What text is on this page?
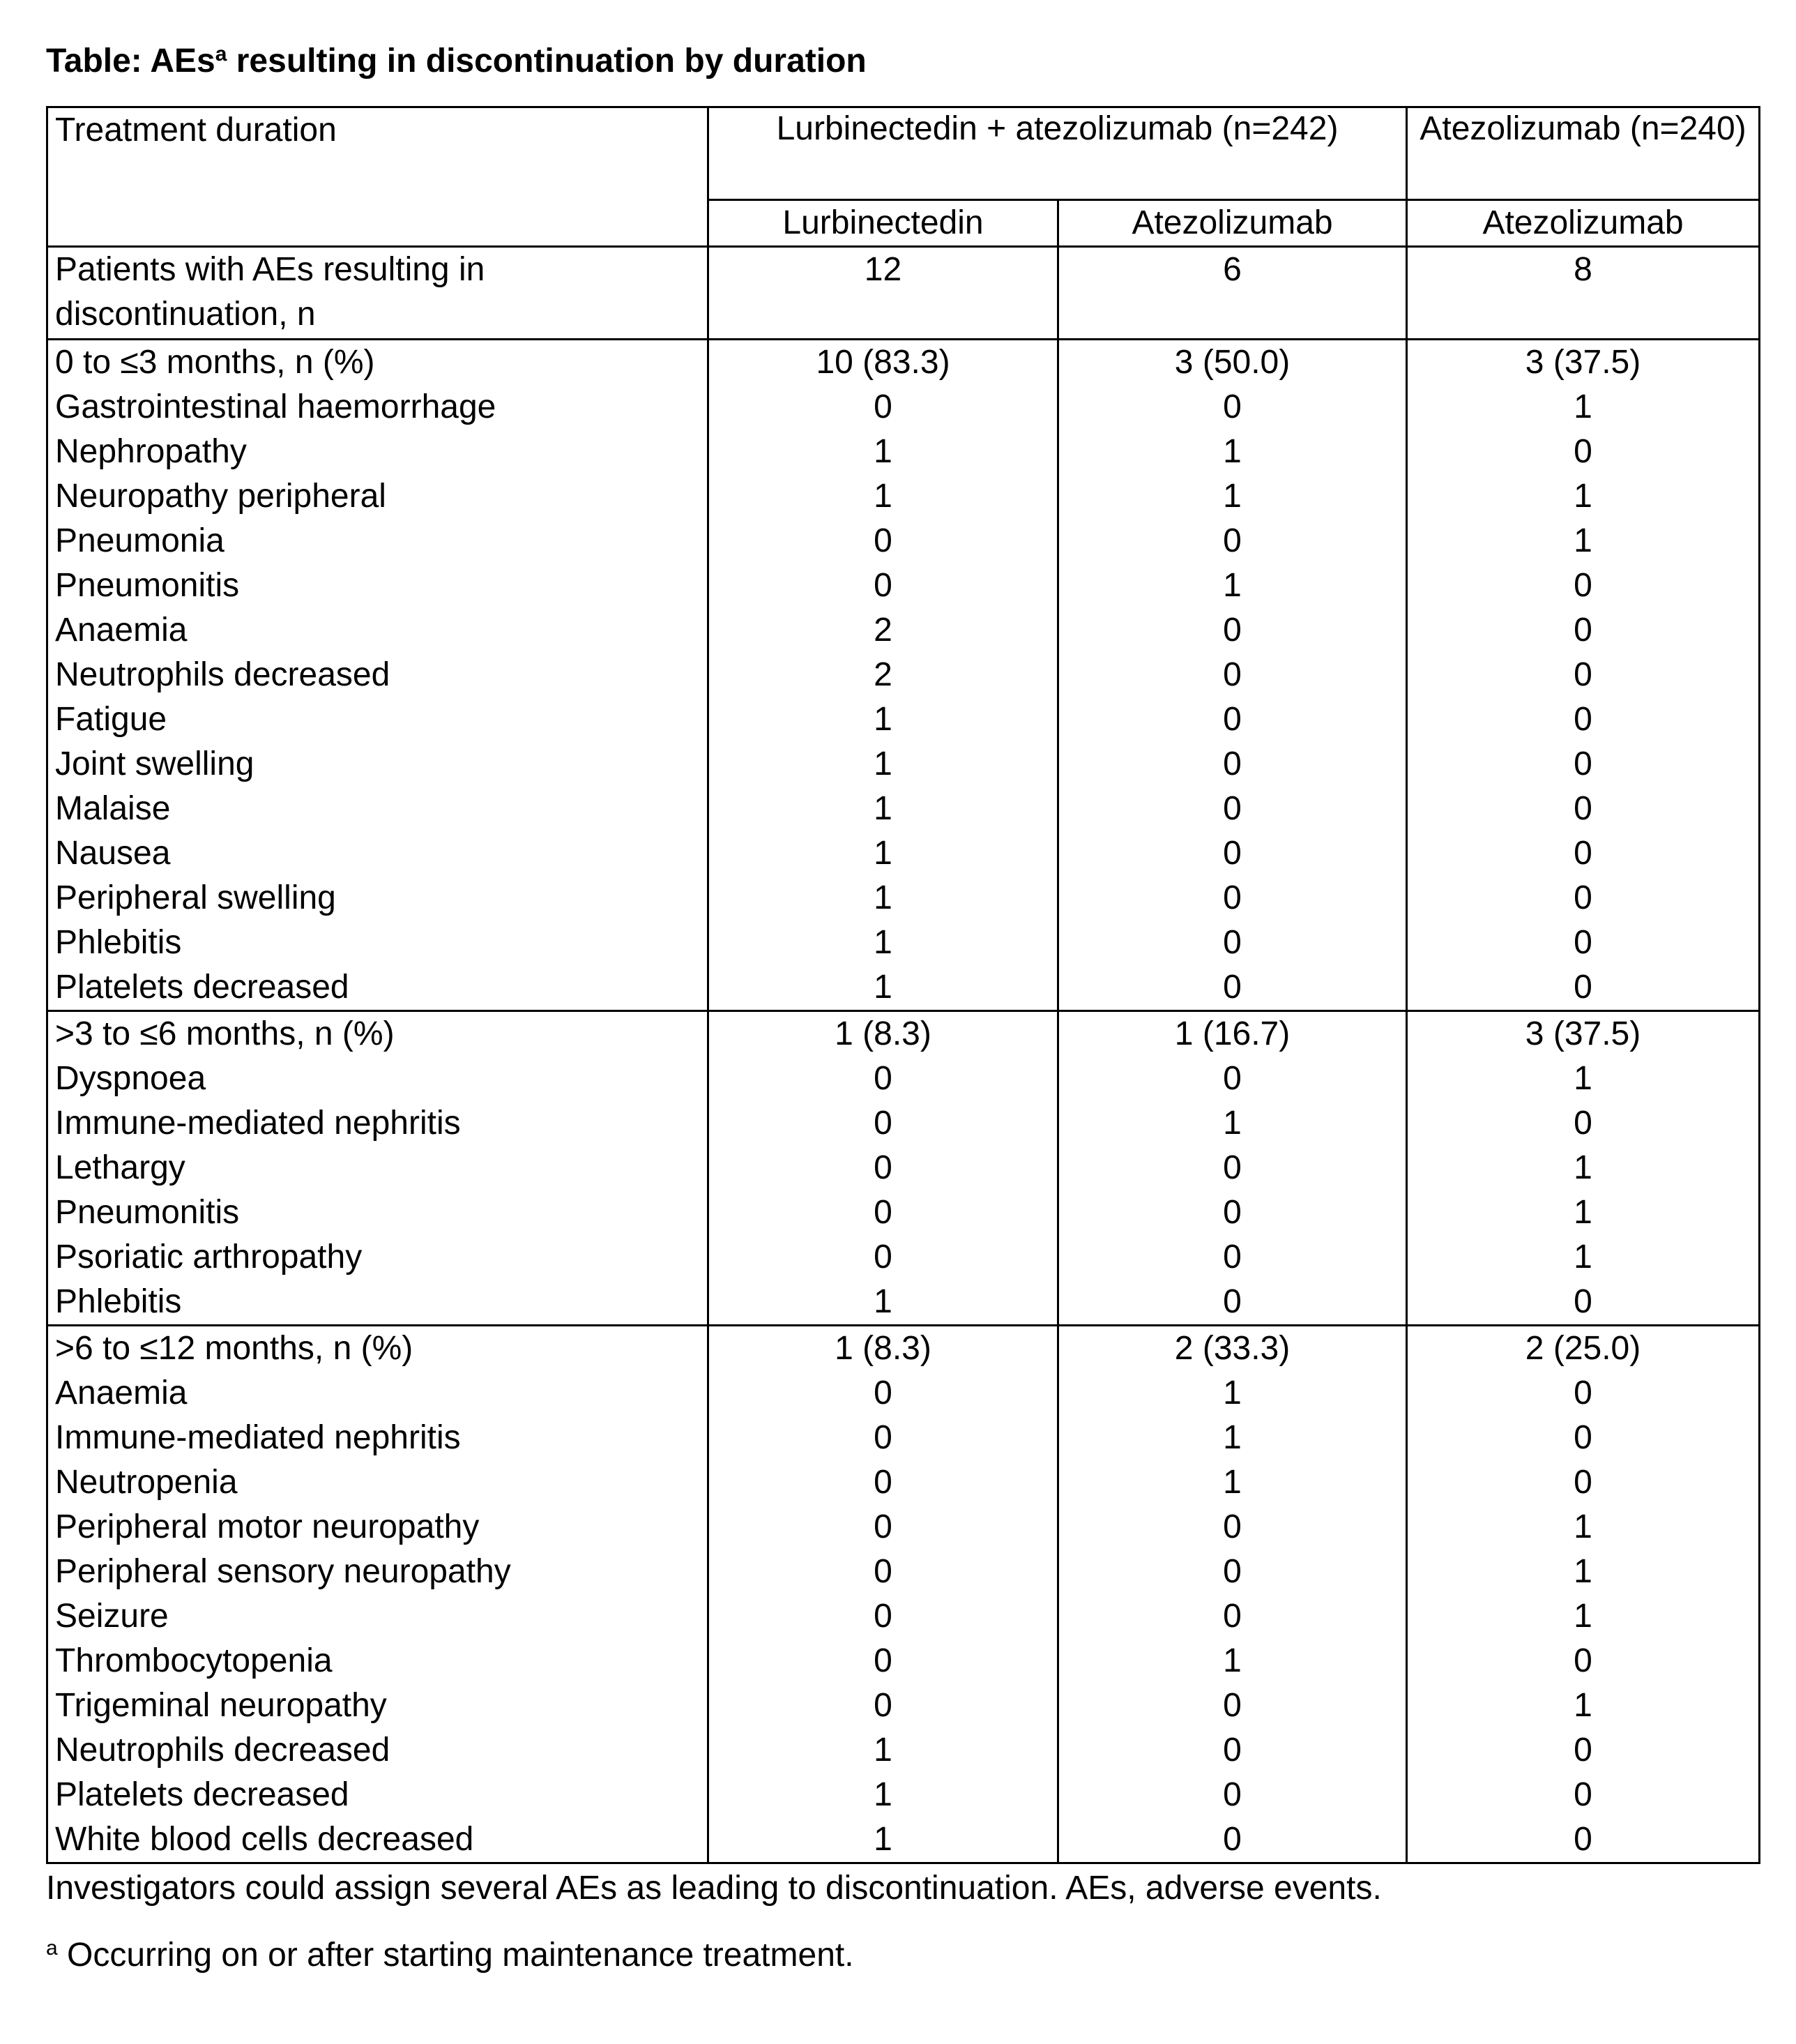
Table: AEs$^a$ resulting in discontinuation by duration
Treatment duration	Lurbinectedin + atezolizumab (n=242)		Atezolizumab (n=240)
	Lurbinectedin	Atezolizumab	Atezolizumab
Patients with AEs resulting in discontinuation, n	12	6	8
0 to ≤3 months, n (%)	10 (83.3)	3 (50.0)	3 (37.5)
Gastrointestinal haemorrhage	0	0	1
Nephropathy	1	1	0
Neuropathy peripheral	1	1	1
Pneumonia	0	0	1
Pneumonitis	0	1	0
Anaemia	2	0	0
Neutrophils decreased	2	0	0
Fatigue	1	0	0
Joint swelling	1	0	0
Malaise	1	0	0
Nausea	1	0	0
Peripheral swelling	1	0	0
Phlebitis	1	0	0
Platelets decreased	1	0	0
>3 to ≤6 months, n (%)	1 (8.3)	1 (16.7)	3 (37.5)
Dyspnoea	0	0	1
Immune-mediated nephritis	0	1	0
Lethargy	0	0	1
Pneumonitis	0	0	1
Psoriatic arthropathy	0	0	1
Phlebitis	1	0	0
>6 to ≤12 months, n (%)	1 (8.3)	2 (33.3)	2 (25.0)
Anaemia	0	1	0
Immune-mediated nephritis	0	1	0
Neutropenia	0	1	0
Peripheral motor neuropathy	0	0	1
Peripheral sensory neuropathy	0	0	1
Seizure	0	0	1
Thrombocytopenia	0	1	0
Trigeminal neuropathy	0	0	1
Neutrophils decreased	1	0	0
Platelets decreased	1	0	0
White blood cells decreased	1	0	0
Investigators could assign several AEs as leading to discontinuation. AEs, adverse events.
$^a$ Occurring on or after starting maintenance treatment.
